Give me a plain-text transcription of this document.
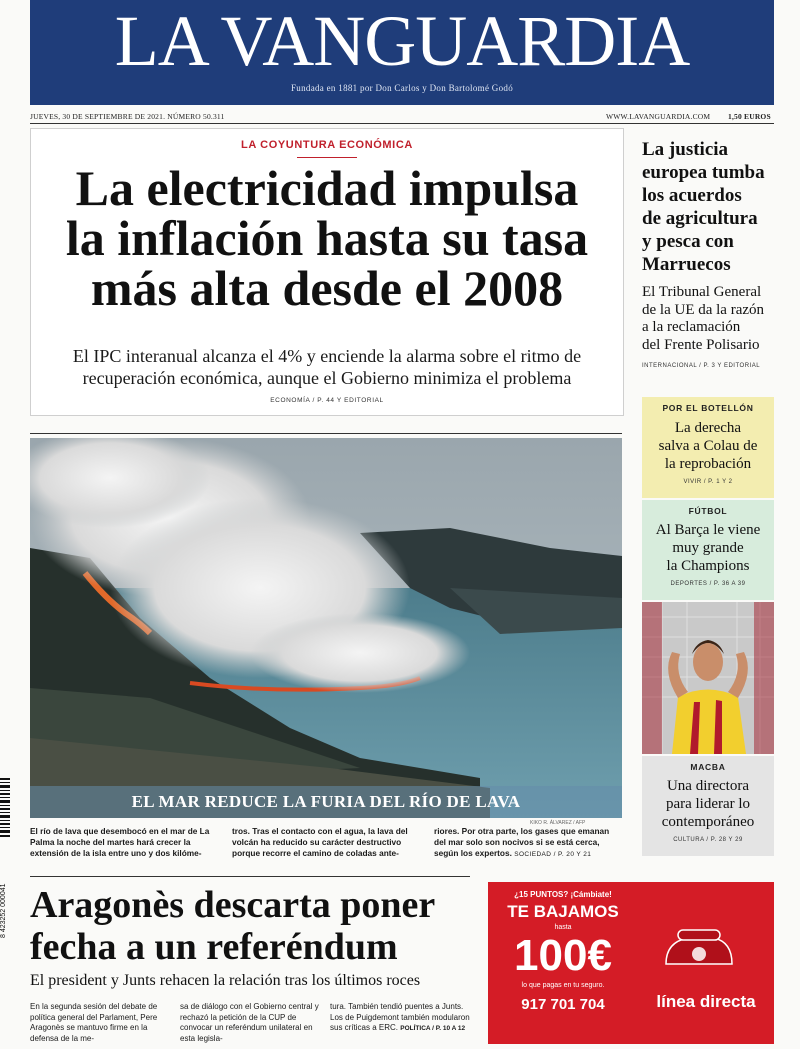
LA VANGUARDIA
Fundada en 1881 por Don Carlos y Don Bartolomé Godó
JUEVES, 30 DE SEPTIEMBRE DE 2021. NÚMERO 50.311	WWW.LAVANGUARDIA.COM 1,50 EUROS
LA COYUNTURA ECONÓMICA
La electricidad impulsa
la inflación hasta su tasa
más alta desde el 2008
El IPC interanual alcanza el 4% y enciende la alarma sobre el ritmo de
recuperación económica, aunque el Gobierno minimiza el problema
ECONOMÍA / P. 44 Y EDITORIAL
EL MAR REDUCE LA FURIA DEL RÍO DE LAVA
KIKO R. ÁLVAREZ / AFP
El río de lava que desembocó en el mar de La Palma la noche del martes hará crecer la extensión de la isla entre uno y dos kilóme-
tros. Tras el contacto con el agua, la lava del volcán ha reducido su carácter destructivo porque recorre el camino de coladas ante-
riores. Por otra parte, los gases que emanan del mar solo son nocivos si se está cerca, según los expertos. SOCIEDAD / P. 20 Y 21
La justicia
europea tumba
los acuerdos
de agricultura
y pesca con
Marruecos
El Tribunal General
de la UE da la razón
a la reclamación
del Frente Polisario
INTERNACIONAL / P. 3 Y EDITORIAL
POR EL BOTELLÓN
La derecha
salva a Colau de
la reprobación
VIVIR / P. 1 Y 2
FÚTBOL
Al Barça le viene
muy grande
la Champions
DEPORTES / P. 36 A 39
MACBA
Una directora
para liderar lo
contemporáneo
CULTURA / P. 28 Y 29
Aragonès descarta poner
fecha a un referéndum
El president y Junts rehacen la relación tras los últimos roces
En la segunda sesión del debate de política general del Parlament, Pere Aragonès se mantuvo firme en la defensa de la me-
sa de diálogo con el Gobierno central y rechazó la petición de la CUP de convocar un referéndum unilateral en esta legisla-
tura. También tendió puentes a Junts. Los de Puigdemont también modularon sus críticas a ERC. POLÍTICA / P. 10 A 12
¿15 PUNTOS? ¡Cámbiate!
TE BAJAMOS
hasta
100€
lo que pagas en tu seguro.
917 701 704	línea directa
8 423252 000041
